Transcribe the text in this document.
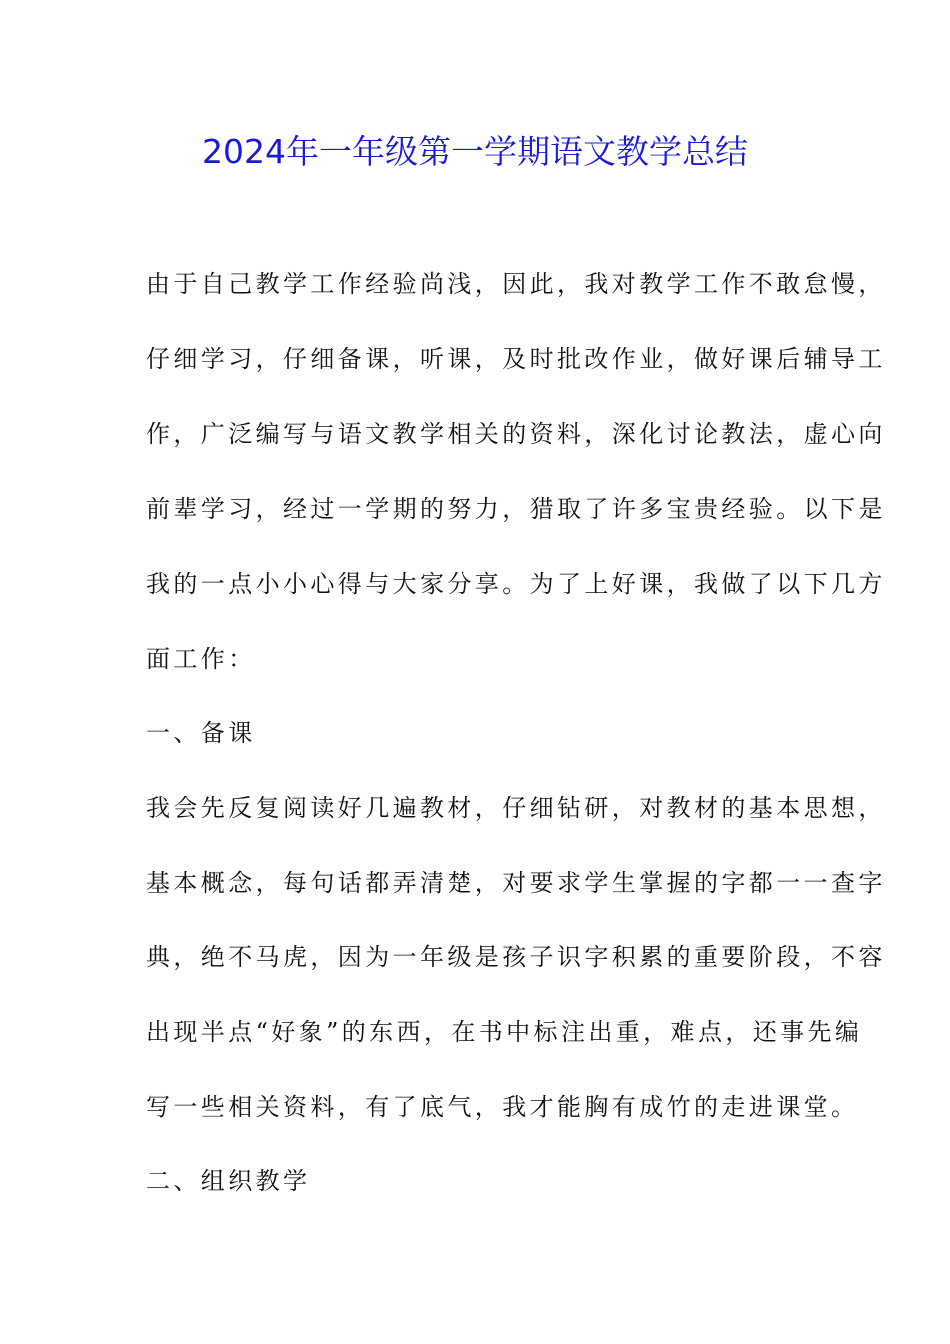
2024年一年级第一学期语文教学总结
由于自己教学工作经验尚浅，因此，我对教学工作不敢怠慢，
仔细学习，仔细备课，听课，及时批改作业，做好课后辅导工
作，广泛编写与语文教学相关的资料，深化讨论教法，虚心向
前辈学习，经过一学期的努力，猎取了许多宝贵经验。以下是
我的一点小小心得与大家分享。为了上好课，我做了以下几方
面工作：
一、备课
我会先反复阅读好几遍教材，仔细钻研，对教材的基本思想，
基本概念，每句话都弄清楚，对要求学生掌握的字都一一查字
典，绝不马虎，因为一年级是孩子识字积累的重要阶段，不容
出现半点“好象”的东西，在书中标注出重，难点，还事先编
写一些相关资料，有了底气，我才能胸有成竹的走进课堂。
二、组织教学
